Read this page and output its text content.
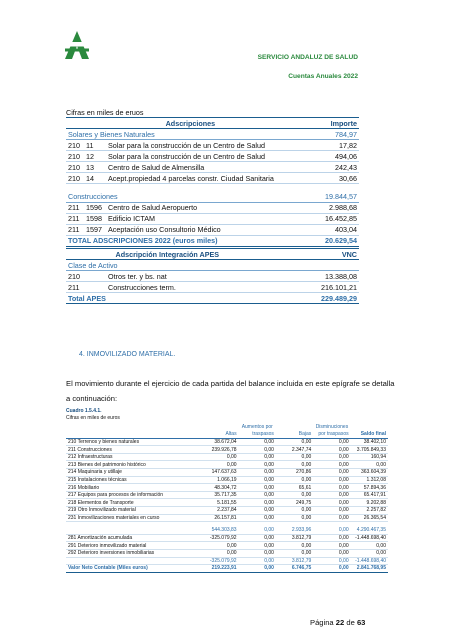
SERVICIO ANDALUZ DE SALUD
Cuentas Anuales 2022
Cifras en miles de eruos
Adscripciones			Importe
Solares y Bienes Naturales			784,97
210	11	Solar para la construcción de un Centro de Salud	17,82
210	12	Solar para la construcción de un Centro de Salud	494,06
210	13	Centro de Salud de Almensilla	242,43
210	14	Acept.propiedad 4 parcelas constr. Ciudad Sanitaria	30,66

Construcciones			19.844,57
211	1596	Centro de Salud Aeropuerto	2.988,68
211	1598	Edificio ICTAM	16.452,85
211	1597	Aceptación uso Consultorio Médico	403,04
TOTAL ADSCRIPCIONES 2022 (euros miles)			20.629,54
Adscripción Integración APES		VNC
Clase de Activo		
210	Otros ter. y bs. nat	13.388,08
211	Construcciones term.	216.101,21
Total APES		229.489,29
4. INMOVILIZADO MATERIAL.
El movimiento durante el ejercicio de cada partida del balance incluida en este epígrafe se detalla a continuación:
Cuadro 1.5.4.1.
Cifras en miles de euros
		Aumentos por		Disminuciones	
	Altas	traspasos	Bajas	por traspasos	Saldo final
210 Terrenos y bienes naturales	38.672,04	0,00	0,00	0,00	38.402,10
211 Construcciones	239.926,78	0,00	2.347,74	0,00	3.705.849,33
212 Infraestructuras	0,00	0,00	0,00	0,00	160,94
213 Bienes del patrimonio histórico	0,00	0,00	0,00	0,00	0,00
214 Maquinaria y utillaje	147.637,63	0,00	270,86	0,00	363.604,39
215 Instalaciones técnicas	1.066,19	0,00	0,00	0,00	1.312,08
216 Mobiliario	48.304,72	0,00	65,61	0,00	57.894,36
217 Equipos para procesos de información	35.717,35	0,00	0,00	0,00	65.417,91
218 Elementos de Transporte	5.181,55	0,00	249,75	0,00	9.202,88
219 Otro Inmovilizado material	2.237,84	0,00	0,00	0,00	2.257,82
231 Inmovilizaciones materiales en curso	26.157,81	0,00	0,00	0,00	26.365,54

	544.303,83	0,00	2.933,96	0,00	4.290.467,35
281 Amortización acumulada	-325.079,92	0,00	3.812,79	0,00	-1.448.698,40
291 Deterioro inmovilizado material	0,00	0,00	0,00	0,00	0,00
292 Deterioro inversiones inmobiliarias	0,00	0,00	0,00	0,00	0,00
	-325.079,92	0,00	3.812,79	0,00	-1.448.698,40
Valor Neto Contable (Miles euros)	219.223,91	0,00	6.746,75	0,00	2.841.768,95
Página 22 de 63
